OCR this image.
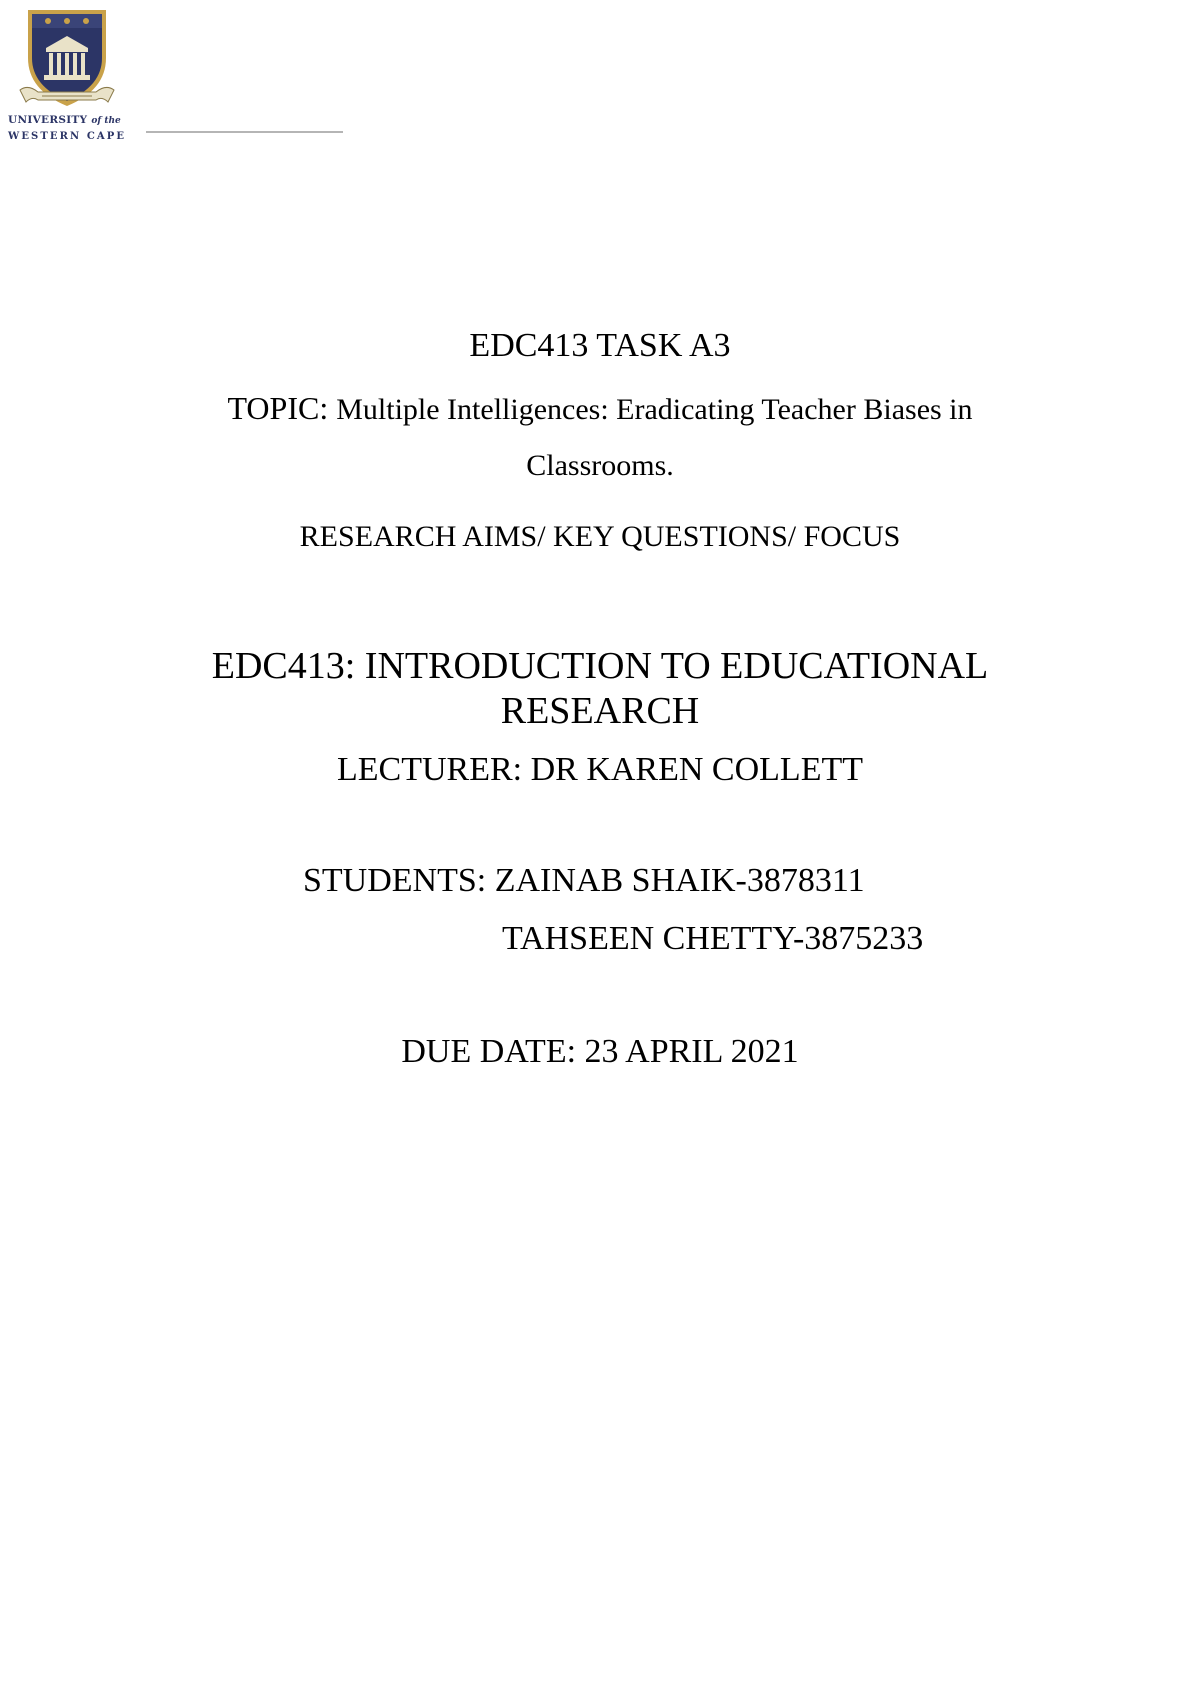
UNIVERSITY of the
WESTERN CAPE
EDC413 TASK A3
TOPIC: Multiple Intelligences: Eradicating Teacher Biases in
Classrooms.
RESEARCH AIMS/ KEY QUESTIONS/ FOCUS
EDC413: INTRODUCTION TO EDUCATIONAL
RESEARCH
LECTURER: DR KAREN COLLETT
STUDENTS: ZAINAB SHAIK-3878311
TAHSEEN CHETTY-3875233
DUE DATE: 23 APRIL 2021
